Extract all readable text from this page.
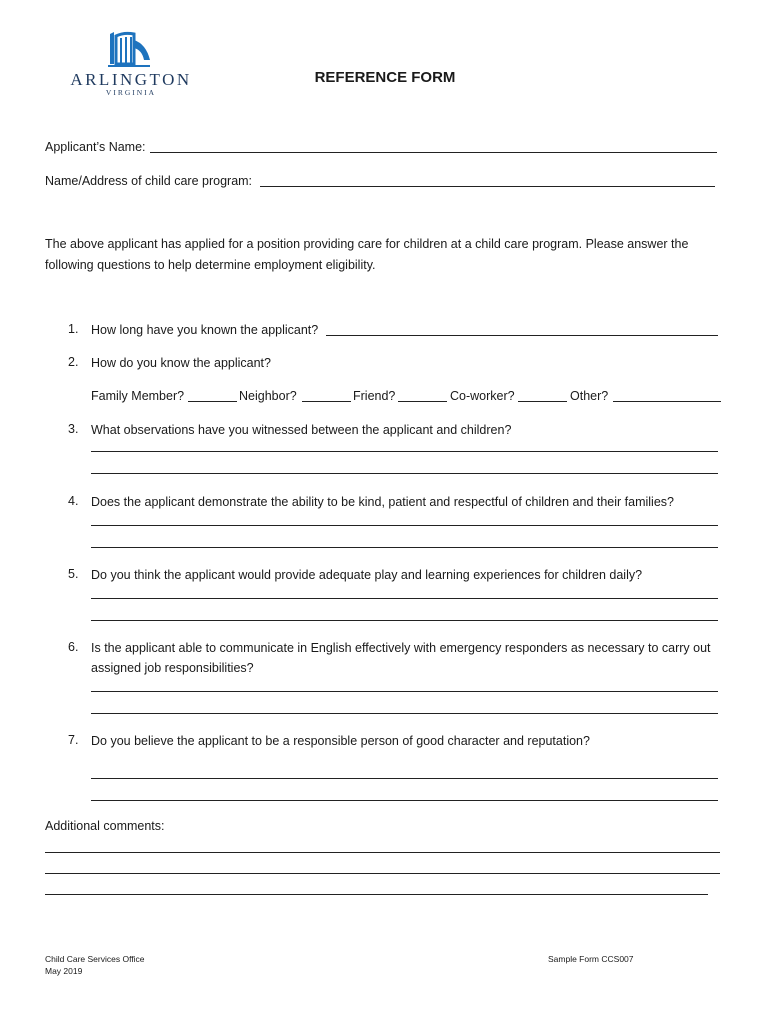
ARLINGTON
VIRGINIA
REFERENCE FORM
Applicant’s Name:
Name/Address of child care program:
The above applicant has applied for a position providing care for children at a child care program. Please answer the following questions to help determine employment eligibility.
1. How long have you known the applicant?
2. How do you know the applicant?
Family Member?	Neighbor?	Friend?	Co-worker?	Other?
3. What observations have you witnessed between the applicant and children?
4. Does the applicant demonstrate the ability to be kind, patient and respectful of children and their families?
5. Do you think the applicant would provide adequate play and learning experiences for children daily?
6. Is the applicant able to communicate in English effectively with emergency responders as necessary to carry out
assigned job responsibilities?
7. Do you believe the applicant to be a responsible person of good character and reputation?
Additional comments:
Child Care Services Office
May 2019
Sample Form CCS007
